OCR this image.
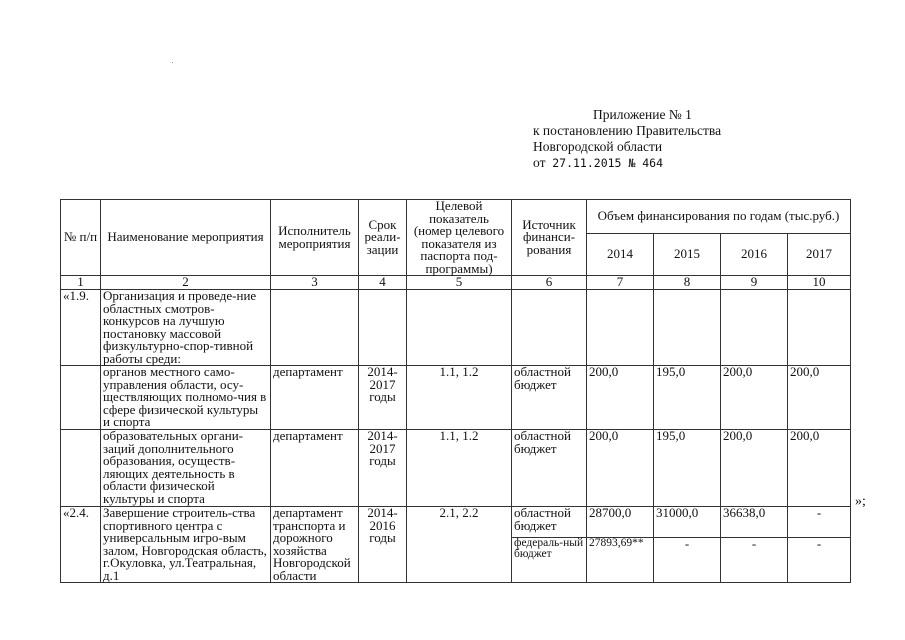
Приложение № 1
к постановлению Правительства
Новгородской области
от 27.11.2015 № 464
№ п/п	Наименование мероприятия	Исполнитель мероприятия	Срок реали-зации	Целевой показатель (номер целевого показателя из паспорта под-программы)	Источник финанси-рования	Объем финансирования по годам (тыс.руб.)			
						2014	2015	2016	2017
1	2	3	4	5	6	7	8	9	10
«1.9.	Организация и проведе-ние областных смотров-конкурсов на лучшую постановку массовой физкультурно-спор-тивной работы среди:								
	органов местного само-управления области, осу-ществляющих полномо-чия в сфере физической культуры и спорта	департамент	2014-2017 годы	1.1, 1.2	областной бюджет	200,0	195,0	200,0	200,0
	образовательных органи-заций дополнительного образования, осуществ-ляющих деятельность в области физической культуры и спорта	департамент	2014-2017 годы	1.1, 1.2	областной бюджет	200,0	195,0	200,0	200,0
«2.4.	Завершение строитель-ства спортивного центра с универсальным игро-вым залом, Новгородская область, г.Окуловка, ул.Театральная, д.1	департамент транспорта и дорожного хозяйства Новгородской области	2014-2016 годы	2.1, 2.2	областной бюджет	28700,0	31000,0	36638,0	-
					федераль-ный бюджет	27893,69**	-	-	-
»;
